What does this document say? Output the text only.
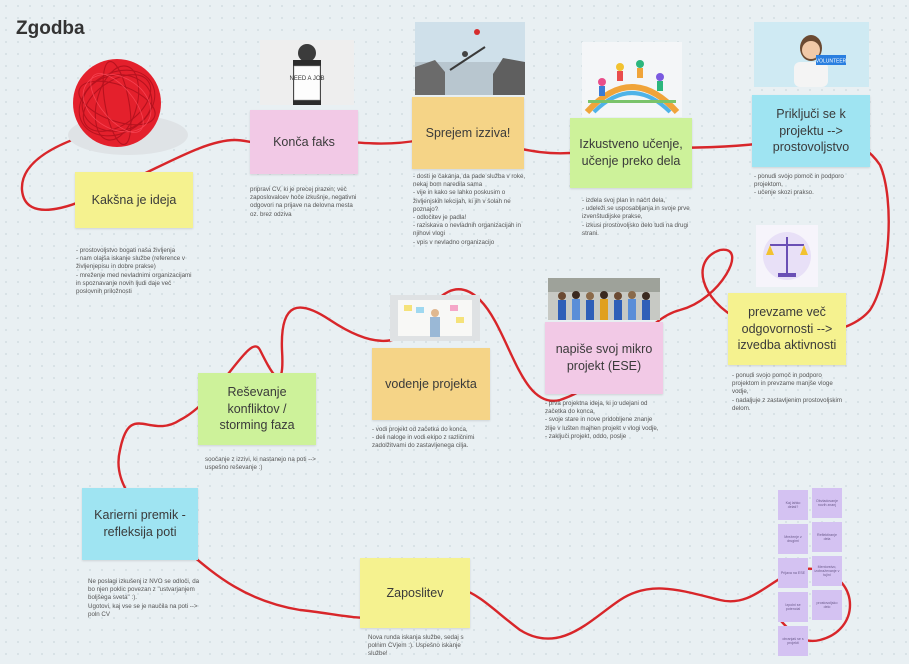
Zgodba
NEED A JOB
VOLUNTEER
Kakšna je ideja
Konča faks
Sprejem izziva!
Izkustveno učenje, učenje preko dela
Priključi se k projektu --> prostovoljstvo
prevzame več odgovornosti --> izvedba aktivnosti
napiše svoj mikro projekt (ESE)
vodenje projekta
Reševanje konfliktov / storming faza
Karierni premik - refleksija poti
Zaposlitev
- prostovoljstvo bogati naša življenja
- nam olajša iskanje službe (reference v življenjepisu in dobre prakse)
- mreženje med nevladnimi organizacijami in spoznavanje novih ljudi daje več poslovnih priložnosti
pripravi CV, ki je precej prazen; več zaposlovalcev hoče izkušnje, negativni odgovori na prijave na delovna mesta oz. brez odziva
- dosti je čakanja, da pade služba v roke, nekaj bom naredila sama
- vije in kako se lahko poskusim o življenjskih lekcijah, ki jih v šolah ne poznajo?
- odločitev je padla!
- raziskava o nevladnih organizacijah in njihovi vlogi
- vpis v nevladno organizacijo
- izdela svoj plan in načrt dela,
- udeleži se usposabljanja in svoje prve izvenštudijske prakse,
- izkusi prostovoljsko delo tudi na drugi strani.
- ponudi svojo pomoč in podporo projektom,
- učenje skozi prakso.
- ponudi svojo pomoč in podporo projektom in prevzame manjše vloge vodje,
- nadaljuje z zastavljenim prostovoljskim delom.
- prva projektna ideja, ki jo udejani od začetka do konca,
- svoje stare in nove pridobljene znanje zlije v lušten majhen projekt v vlogi vodje,
- zaključi projekt, oddo, poslje
- vodi projekt od začetka do konca,
- deli naloge in vodi ekipo z različnimi zadolžitvami do zastavljenega cilja.
soočanje z izzivi, ki nastanejo na poti --> uspešno reševanje :)
Ne poslagi izkušenj iz NVO se odloči, da bo njen poklic povezan z "ustvarjanjem boljšega sveta" :).
Ugotovi, kaj vse se je naučila na poti --> poln CV
Nova runda iskanja službe, sedaj s polnim CVjem :). Uspešno iskanje službe!
Kaj lahko delaš?
Obvladovanje novih znanj
Mreženje z drugimi
Reflektiranje dela
Prijava na ESE
Mentorstvo, izobraževanje v tujini
Izpolni se potencial
prostovoljsko delo
ohranjaš se s projekti
